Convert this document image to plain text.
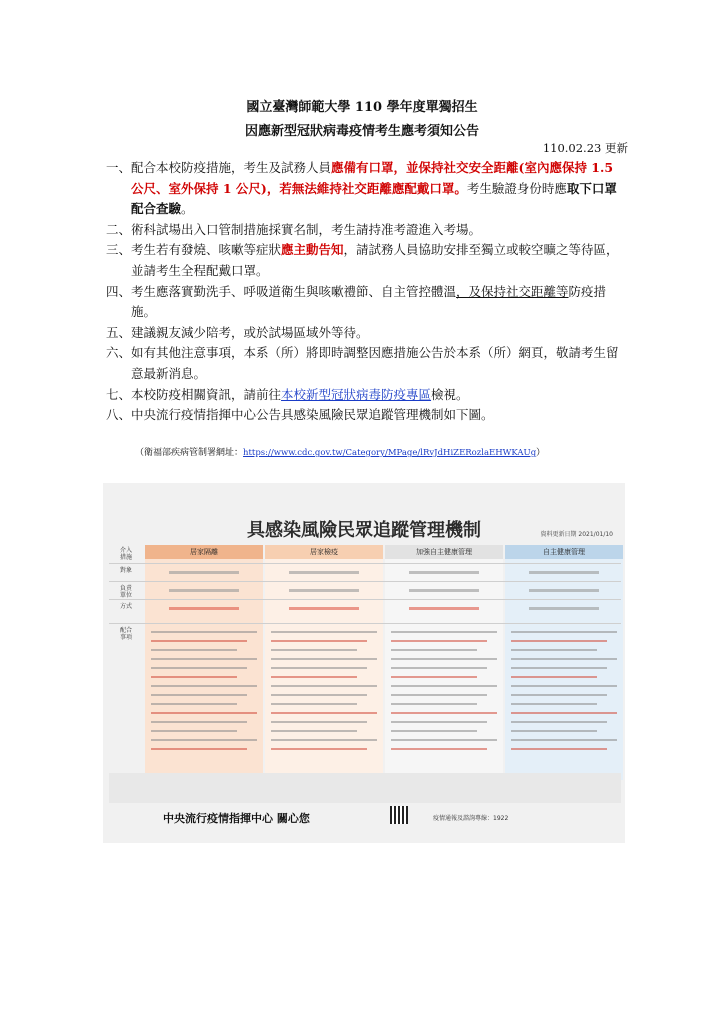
國立臺灣師範大學 110 學年度單獨招生
因應新型冠狀病毒疫情考生應考須知公告
110.02.23 更新
一、 配合本校防疫措施，考生及試務人員應備有口罩，並保持社交安全距離(室內應保持 1.5 公尺、室外保持 1 公尺)，若無法維持社交距離應配戴口罩。考生驗證身份時應取下口罩配合查驗。
二、 術科試場出入口管制措施採實名制，考生請持准考證進入考場。
三、 考生若有發燒、咳嗽等症狀應主動告知，請試務人員協助安排至獨立或較空曠之等待區，並請考生全程配戴口罩。
四、 考生應落實勤洗手、呼吸道衛生與咳嗽禮節、自主管控體溫，及保持社交距離等防疫措施。
五、 建議親友減少陪考，或於試場區域外等待。
六、 如有其他注意事項，本系（所）將即時調整因應措施公告於本系（所）網頁，敬請考生留意最新消息。
七、 本校防疫相關資訊，請前往本校新型冠狀病毒防疫專區檢視。
八、 中央流行疫情指揮中心公告具感染風險民眾追蹤管理機制如下圖。
（衛福部疾病管制署網址：https://www.cdc.gov.tw/Category/MPage/lRvJdHiZERozlaEHWKAUg）
具感染風險民眾追蹤管理機制	資料更新日期 2021/01/10
介入
措施
對象
負責
單位
方式
配合
事項
居家隔離	居家檢疫	加強自主健康管理	自主健康管理
中央流行疫情指揮中心 關心您	疫情通報及諮詢專線：1922
